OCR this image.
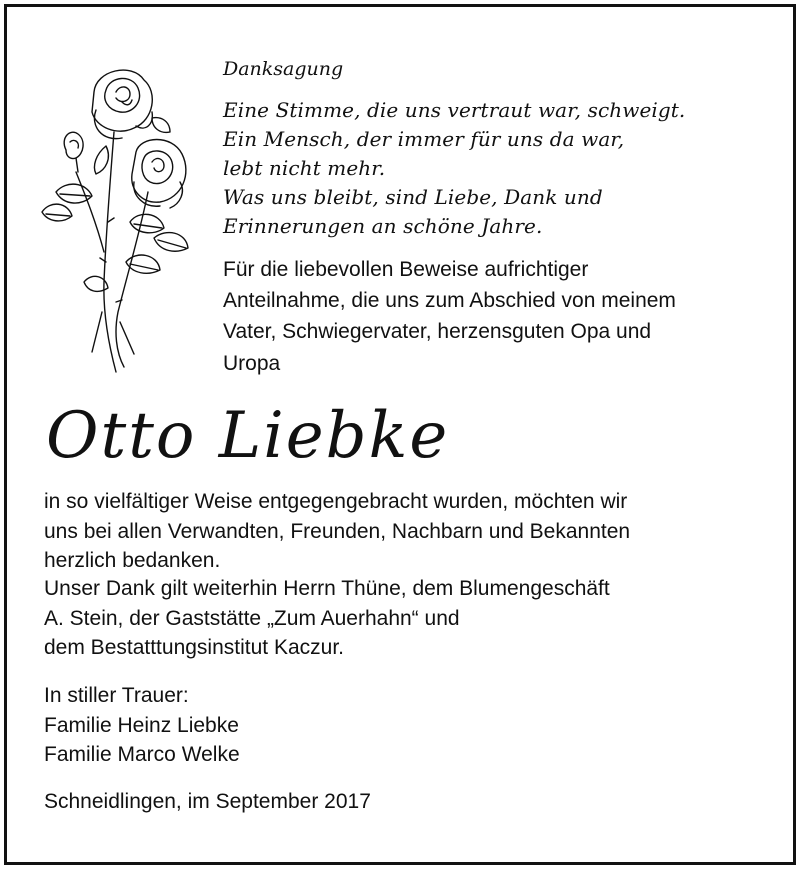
Danksagung

Eine Stimme, die uns vertraut war, schweigt.

Ein Mensch, der immer für uns da war,

lebt nicht mehr.

Was uns bleibt, sind Liebe, Dank und

Erinnerungen an schöne Jahre.

Für die liebevollen Beweise aufrichtiger

Anteilnahme, die uns zum Abschied von meinem

Vater, Schwiegervater, herzensguten Opa und

Uropa

Otto Liebke

in so vielfältiger Weise entgegengebracht wurden, möchten wir

uns bei allen Verwandten, Freunden, Nachbarn und Bekannten

herzlich bedanken.

Unser Dank gilt weiterhin Herrn Thüne, dem Blumengeschäft

A. Stein, der Gaststätte „Zum Auerhahn“ und

dem Bestatttungsinstitut Kaczur.

In stiller Trauer:

Familie Heinz Liebke

Familie Marco Welke

Schneidlingen, im September 2017
